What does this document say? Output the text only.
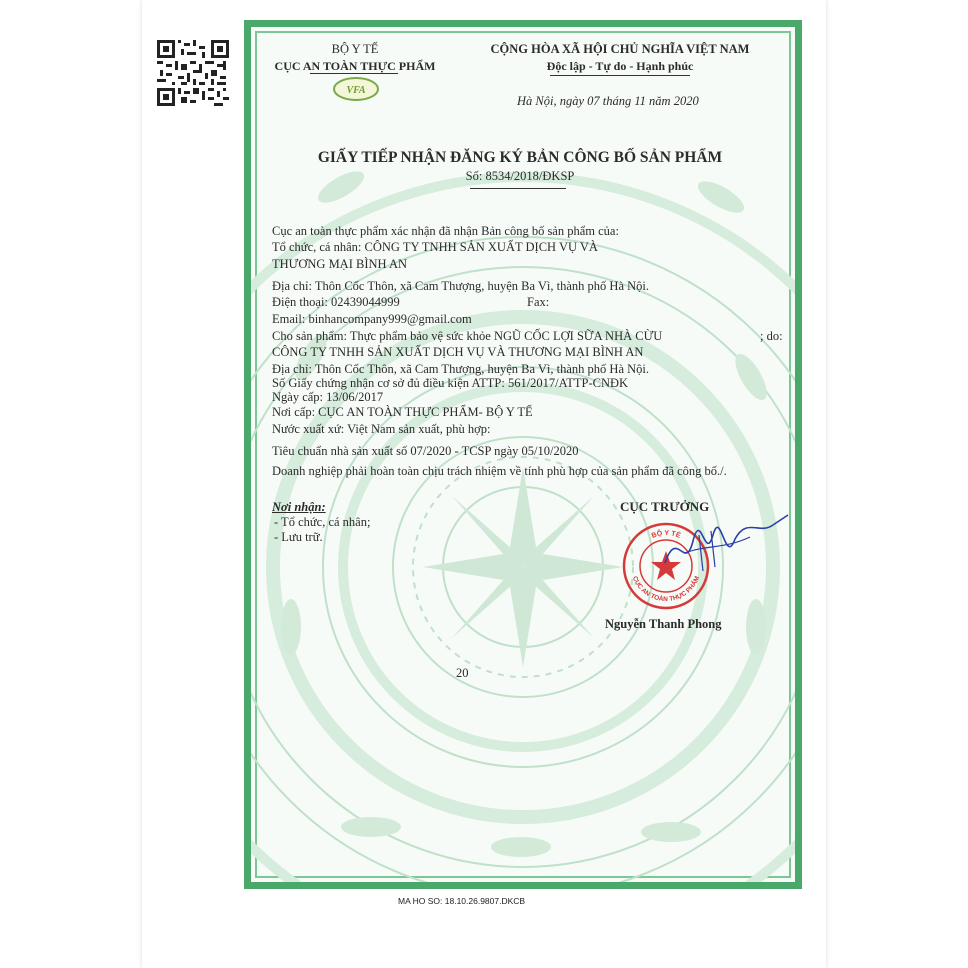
BỘ Y TẾ
CỤC AN TOÀN THỰC PHẨM
VFA
CỘNG HÒA XÃ HỘI CHỦ NGHĨA VIỆT NAM
Độc lập - Tự do - Hạnh phúc
Hà Nội, ngày 07 tháng 11 năm 2020
GIẤY TIẾP NHẬN ĐĂNG KÝ BẢN CÔNG BỐ SẢN PHẨM
Số: 8534/2018/ĐKSP
Cục an toàn thực phẩm xác nhận đã nhận Bản công bố sản phẩm của:
Tổ chức, cá nhân: CÔNG TY TNHH SẢN XUẤT DỊCH VỤ VÀ
THƯƠNG MẠI BÌNH AN
Địa chỉ: Thôn Cốc Thôn, xã Cam Thượng, huyện Ba Vì, thành phố Hà Nội.
Điện thoại: 02439044999	Fax:
Email: binhancompany999@gmail.com
Cho sản phẩm: Thực phẩm bảo vệ sức khỏe NGŨ CỐC LỢI SỮA NHÀ CỪU	; do:
CÔNG TY TNHH SẢN XUẤT DỊCH VỤ VÀ THƯƠNG MẠI BÌNH AN
Địa chỉ: Thôn Cốc Thôn, xã Cam Thượng, huyện Ba Vì, thành phố Hà Nội.
Số Giấy chứng nhận cơ sở đủ điều kiện ATTP: 561/2017/ATTP-CNĐK
Ngày cấp: 13/06/2017
Nơi cấp: CỤC AN TOÀN THỰC PHẨM- BỘ Y TẾ
Nước xuất xứ: Việt Nam sản xuất, phù hợp:
Tiêu chuẩn nhà sản xuất số 07/2020 - TCSP ngày 05/10/2020
Doanh nghiệp phải hoàn toàn chịu trách nhiệm về tính phù hợp của sản phẩm đã công bố./.
Nơi nhận:
- Tổ chức, cá nhân;
- Lưu trữ.
CỤC TRƯỞNG
BỘ Y TẾ
CỤC AN TOÀN THỰC PHẨM
Nguyễn Thanh Phong
20
MA HO SO: 18.10.26.9807.DKCB
